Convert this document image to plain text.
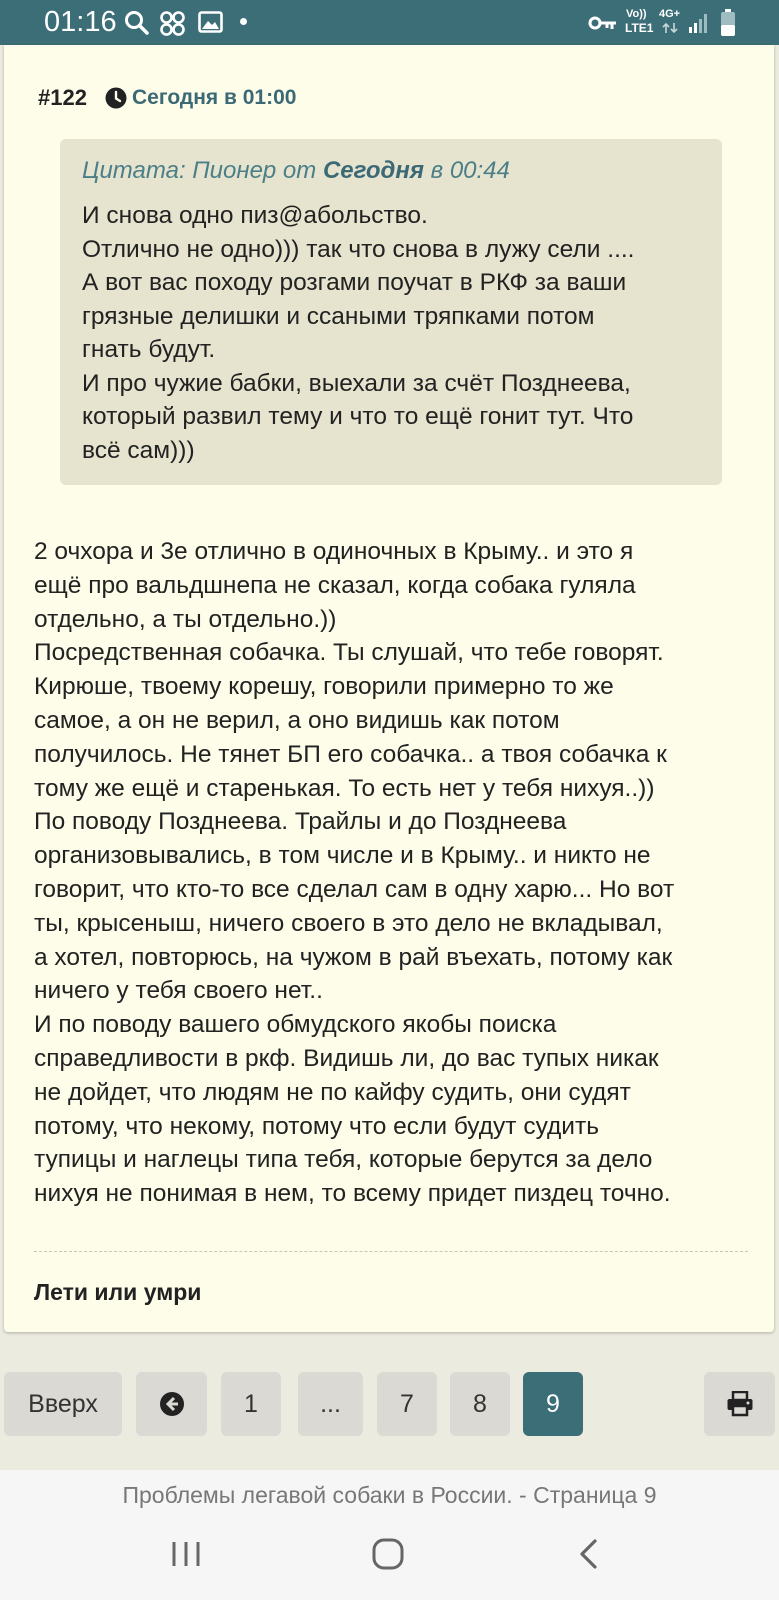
01:16	Vo))
LTE1
4G+
#122 Сегодня в 01:00
Цитата: Пионер от Сегодня в 00:44
И снова одно пиз@абольство.
Отлично не одно))) так что снова в лужу сели ....
А вот вас походу розгами поучат в РКФ за ваши
грязные делишки и ссаными тряпками потом
гнать будут.
И про чужие бабки, выехали за счёт Позднеева,
который развил тему и что то ещё гонит тут. Что
всё сам)))
2 очхора и 3е отлично в одиночных в Крыму.. и это я
ещё про вальдшнепа не сказал, когда собака гуляла
отдельно, а ты отдельно.))
Посредственная собачка. Ты слушай, что тебе говорят.
Кирюше, твоему корешу, говорили примерно то же
самое, а он не верил, а оно видишь как потом
получилось. Не тянет БП его собачка.. а твоя собачка к
тому же ещё и старенькая. То есть нет у тебя нихуя..))
По поводу Позднеева. Трайлы и до Позднеева
организовывались, в том числе и в Крыму.. и никто не
говорит, что кто-то все сделал сам в одну харю... Но вот
ты, крысеныш, ничего своего в это дело не вкладывал,
а хотел, повторюсь, на чужом в рай въехать, потому как
ничего у тебя своего нет..
И по поводу вашего обмудского якобы поиска
справедливости в ркф. Видишь ли, до вас тупых никак
не дойдет, что людям не по кайфу судить, они судят
потому, что некому, потому что если будут судить
тупицы и наглецы типа тебя, которые берутся за дело
нихуя не понимая в нем, то всему придет пиздец точно.
Лети или умри
Вверх	1 ... 7 8 9
Проблемы легавой собаки в России. - Страница 9
